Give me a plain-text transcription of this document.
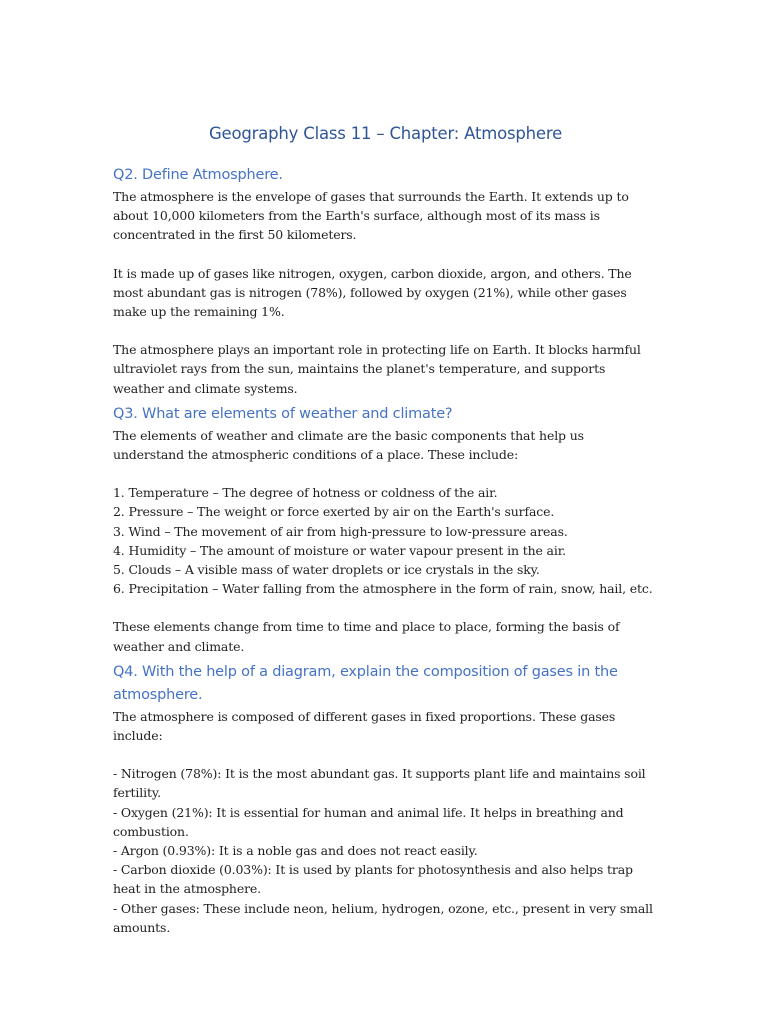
Geography Class 11 – Chapter: Atmosphere
Q2. Define Atmosphere.

The atmosphere is the envelope of gases that surrounds the Earth. It extends up to about 10,000 kilometers from the Earth's surface, although most of its mass is concentrated in the first 50 kilometers.

It is made up of gases like nitrogen, oxygen, carbon dioxide, argon, and others. The most abundant gas is nitrogen (78%), followed by oxygen (21%), while other gases make up the remaining 1%.

The atmosphere plays an important role in protecting life on Earth. It blocks harmful ultraviolet rays from the sun, maintains the planet's temperature, and supports weather and climate systems.

Q3. What are elements of weather and climate?

The elements of weather and climate are the basic components that help us understand the atmospheric conditions of a place. These include:

1. Temperature – The degree of hotness or coldness of the air.

2. Pressure – The weight or force exerted by air on the Earth's surface.

3. Wind – The movement of air from high-pressure to low-pressure areas.

4. Humidity – The amount of moisture or water vapour present in the air.

5. Clouds – A visible mass of water droplets or ice crystals in the sky.

6. Precipitation – Water falling from the atmosphere in the form of rain, snow, hail, etc.

These elements change from time to time and place to place, forming the basis of weather and climate.

Q4. With the help of a diagram, explain the composition of gases in the atmosphere.

The atmosphere is composed of different gases in fixed proportions. These gases include:

- Nitrogen (78%): It is the most abundant gas. It supports plant life and maintains soil fertility.

- Oxygen (21%): It is essential for human and animal life. It helps in breathing and combustion.

- Argon (0.93%): It is a noble gas and does not react easily.

- Carbon dioxide (0.03%): It is used by plants for photosynthesis and also helps trap heat in the atmosphere.

- Other gases: These include neon, helium, hydrogen, ozone, etc., present in very small amounts.
